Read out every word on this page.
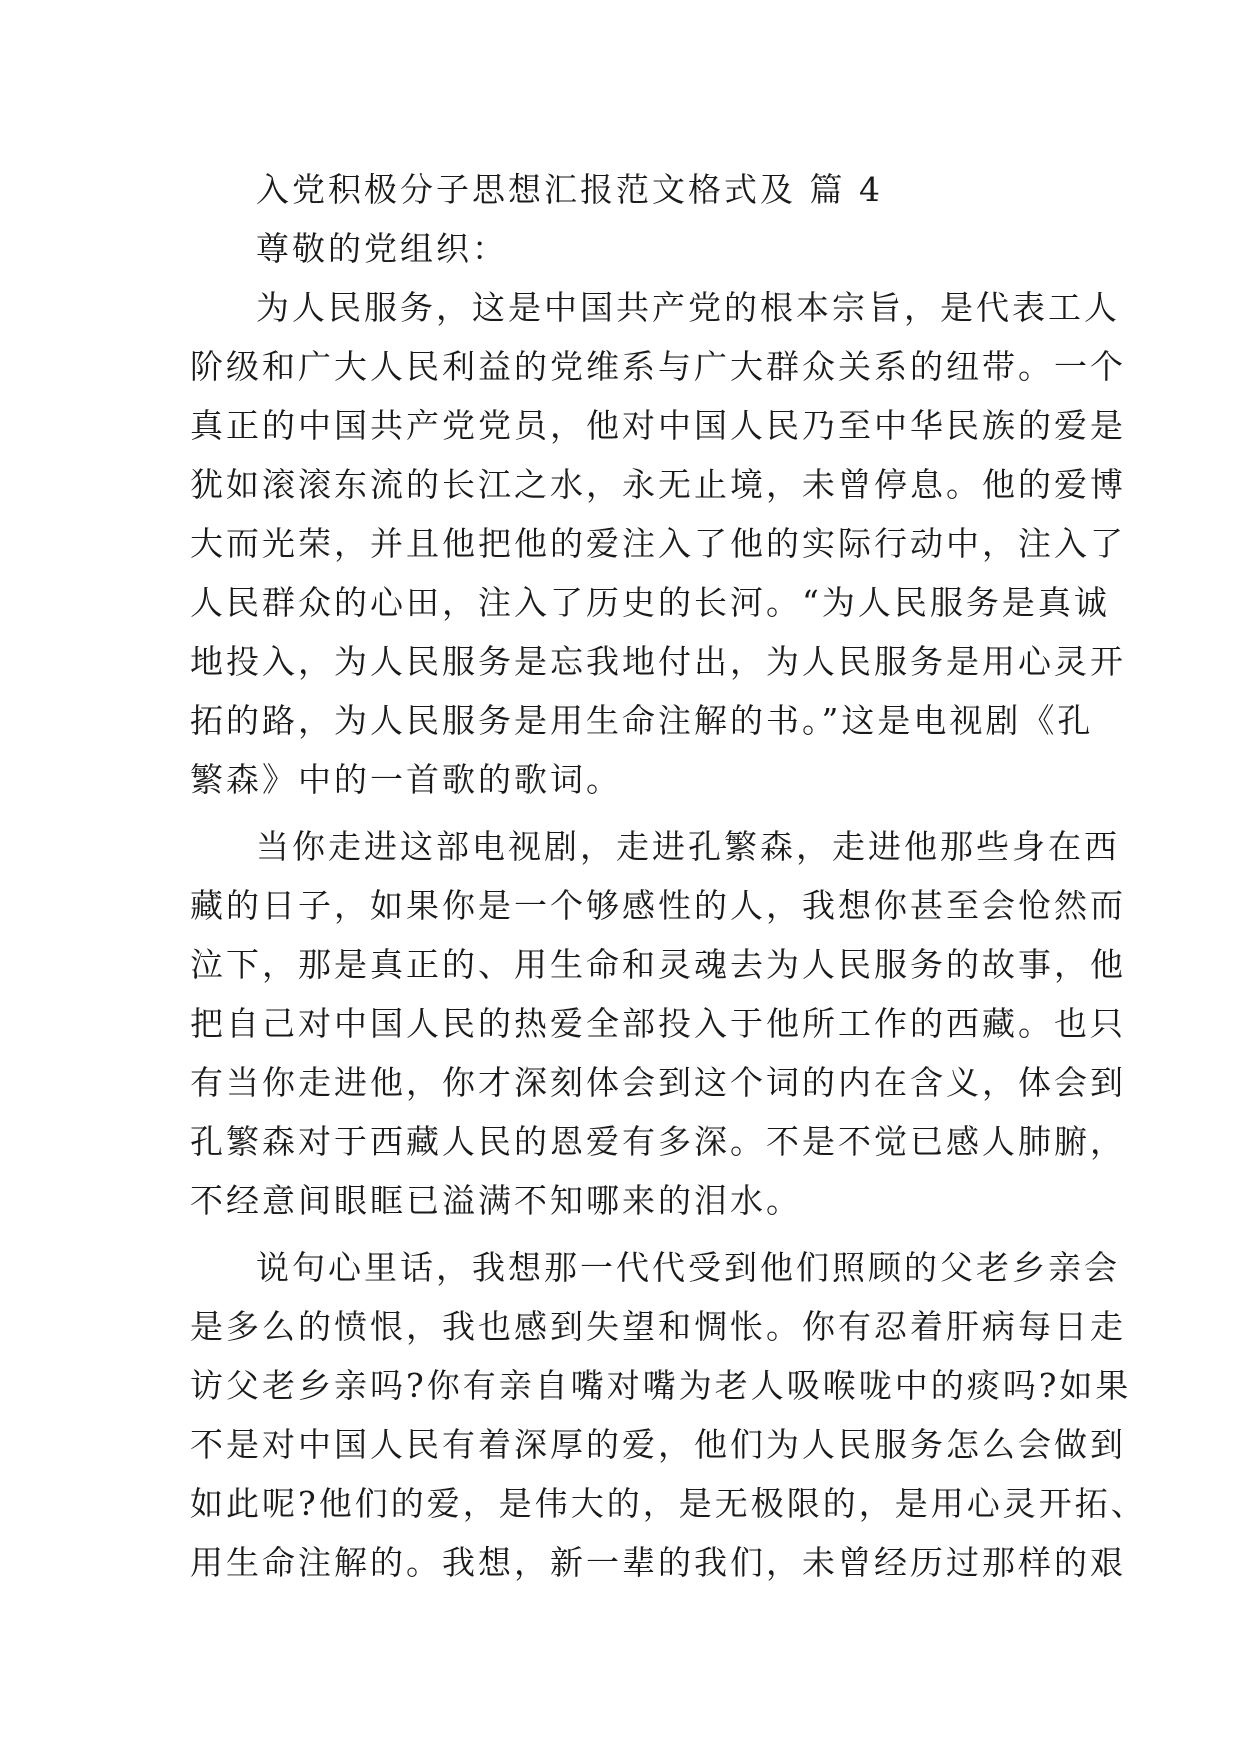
入党积极分子思想汇报范文格式及 篇 4
尊敬的党组织：
为人民服务，这是中国共产党的根本宗旨，是代表工人
阶级和广大人民利益的党维系与广大群众关系的纽带。一个
真正的中国共产党党员，他对中国人民乃至中华民族的爱是
犹如滚滚东流的长江之水，永无止境，未曾停息。他的爱博
大而光荣，并且他把他的爱注入了他的实际行动中，注入了
人民群众的心田，注入了历史的长河。“为人民服务是真诚
地投入，为人民服务是忘我地付出，为人民服务是用心灵开
拓的路，为人民服务是用生命注解的书。”这是电视剧《孔
繁森》中的一首歌的歌词。
当你走进这部电视剧，走进孔繁森，走进他那些身在西
藏的日子，如果你是一个够感性的人，我想你甚至会怆然而
泣下，那是真正的、用生命和灵魂去为人民服务的故事，他
把自己对中国人民的热爱全部投入于他所工作的西藏。也只
有当你走进他，你才深刻体会到这个词的内在含义，体会到
孔繁森对于西藏人民的恩爱有多深。不是不觉已感人肺腑，
不经意间眼眶已溢满不知哪来的泪水。
说句心里话，我想那一代代受到他们照顾的父老乡亲会
是多么的愤恨，我也感到失望和惆怅。你有忍着肝病每日走
访父老乡亲吗?你有亲自嘴对嘴为老人吸喉咙中的痰吗?如果
不是对中国人民有着深厚的爱，他们为人民服务怎么会做到
如此呢?他们的爱，是伟大的，是无极限的，是用心灵开拓、
用生命注解的。我想，新一辈的我们，未曾经历过那样的艰
